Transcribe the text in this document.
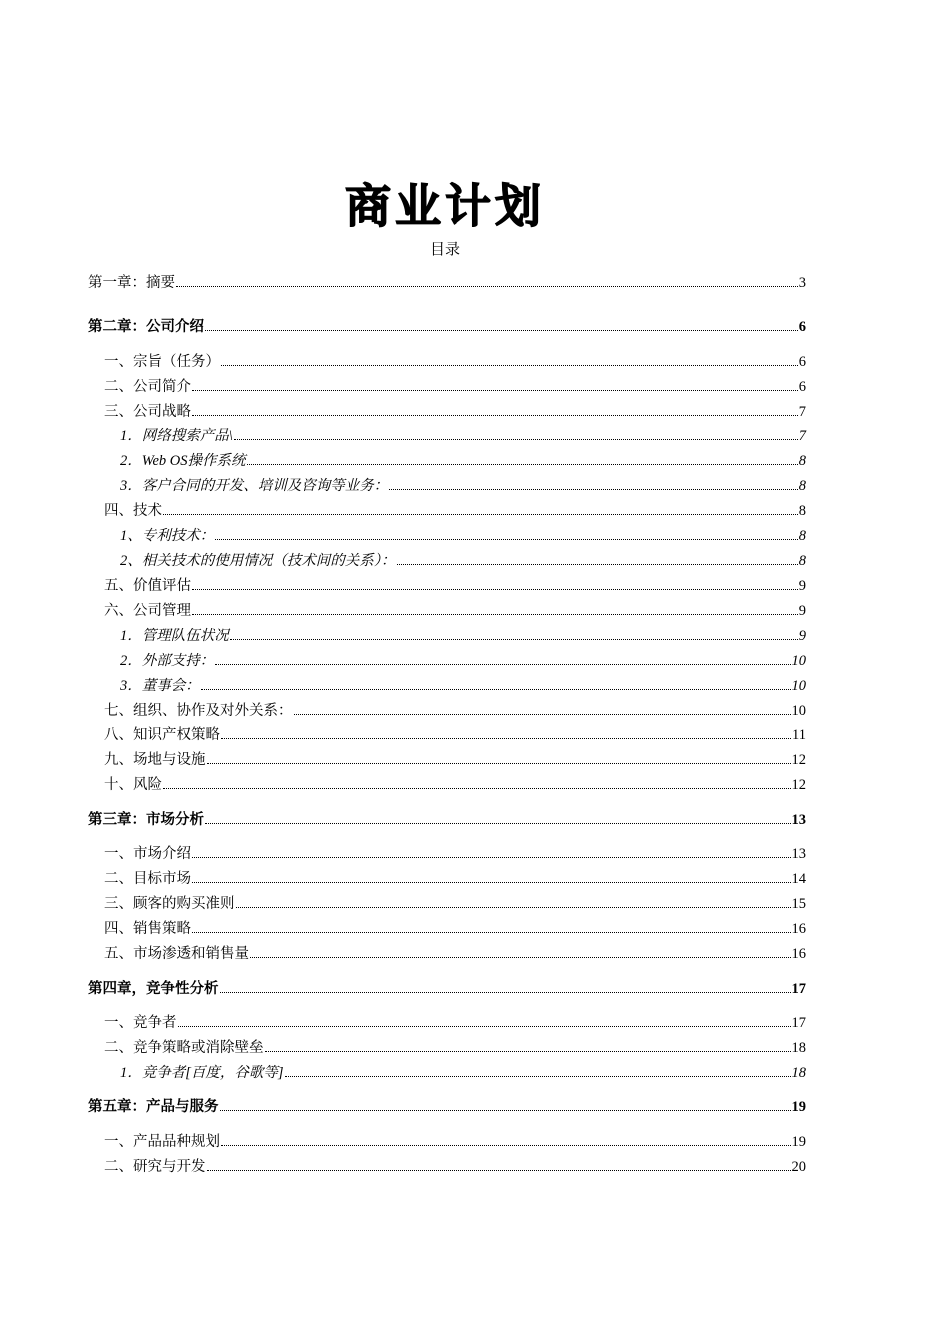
商业计划
目录
第一章：摘要	3
第二章：公司介绍	6
一、宗旨（任务）	6
二、公司简介	6
三、公司战略	7
1．网络搜索产品\	7
2．Web OS操作系统	8
3．客户合同的开发、培训及咨询等业务：	8
四、技术	8
1、专利技术：	8
2、相关技术的使用情况（技术间的关系）：	8
五、价值评估	9
六、公司管理	9
1．管理队伍状况	9
2．外部支持：	10
3．董事会：	10
七、组织、协作及对外关系：	10
八、知识产权策略	11
九、场地与设施	12
十、风险	12
第三章：市场分析	13
一、市场介绍	13
二、目标市场	14
三、顾客的购买准则	15
四、销售策略	16
五、市场渗透和销售量	16
第四章，竞争性分析	17
一、竞争者	17
二、竞争策略或消除壁垒	18
1．竞争者[百度，谷歌等]	18
第五章：产品与服务	19
一、产品品种规划	19
二、研究与开发	20
